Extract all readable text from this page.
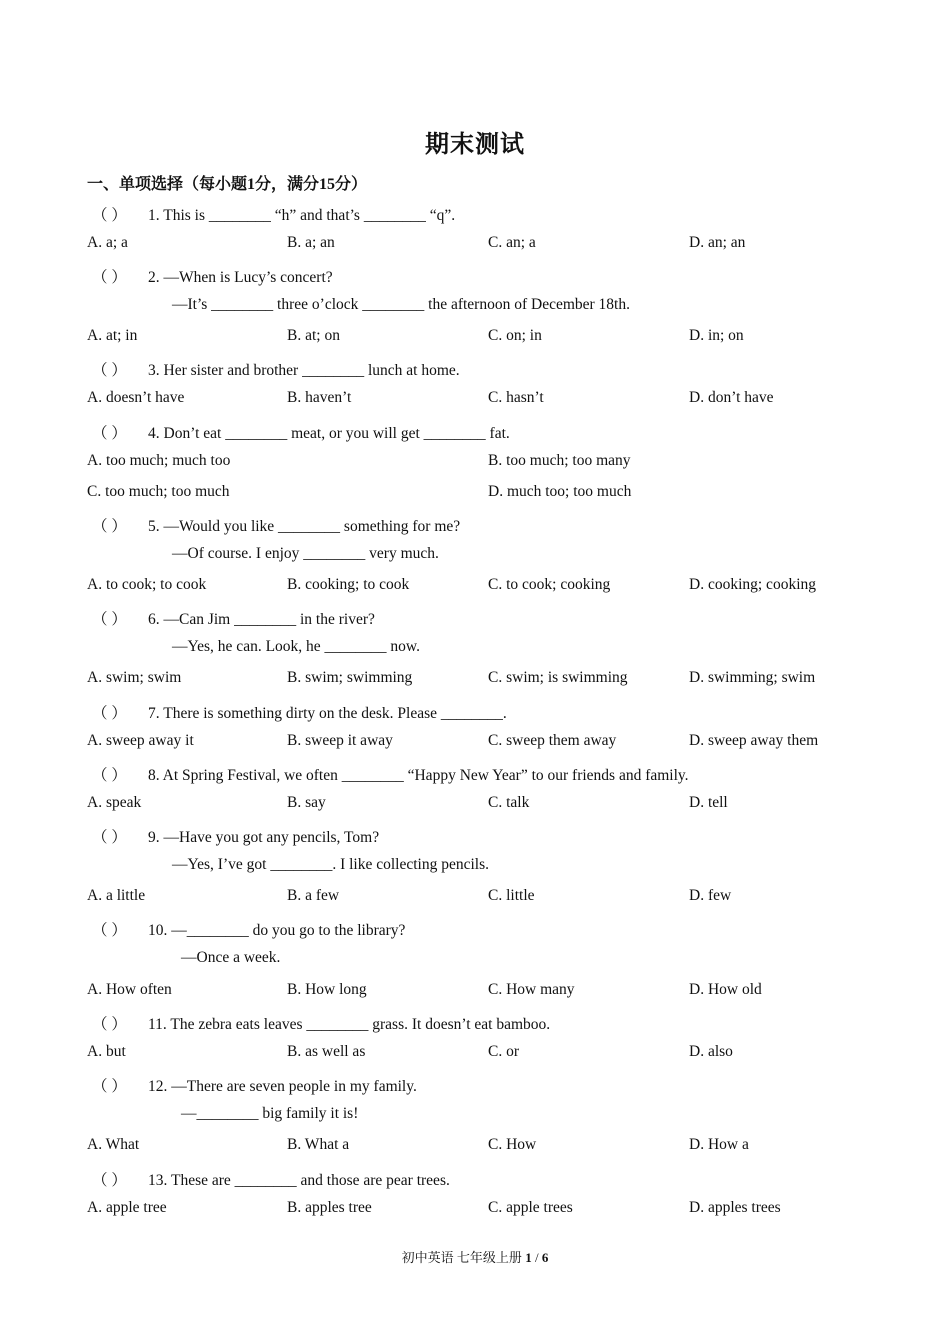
期末测试
一、单项选择（每小题1分，满分15分）
（ ） 1. This is ________ “h” and that’s ________ “q”.
A. a; a	B. a; an	C. an; a	D. an; an
（ ） 2. —When is Lucy’s concert?
—It’s ________ three o’clock ________ the afternoon of December 18th.
A. at; in	B. at; on	C. on; in	D. in; on
（ ） 3. Her sister and brother ________ lunch at home.
A. doesn’t have	B. haven’t	C. hasn’t	D. don’t have
（ ） 4. Don’t eat ________ meat, or you will get ________ fat.
A. too much; much too	B. too much; too many
C. too much; too much	D. much too; too much
（ ） 5. —Would you like ________ something for me?
—Of course. I enjoy ________ very much.
A. to cook; to cook	B. cooking; to cook	C. to cook; cooking	D. cooking; cooking
（ ） 6. —Can Jim ________ in the river?
—Yes, he can. Look, he ________ now.
A. swim; swim	B. swim; swimming	C. swim; is swimming	D. swimming; swim
（ ） 7. There is something dirty on the desk. Please ________.
A. sweep away it	B. sweep it away	C. sweep them away	D. sweep away them
（ ） 8. At Spring Festival, we often ________ “Happy New Year” to our friends and family.
A. speak	B. say	C. talk	D. tell
（ ） 9. —Have you got any pencils, Tom?
—Yes, I’ve got ________. I like collecting pencils.
A. a little	B. a few	C. little	D. few
（ ） 10. —________ do you go to the library?
—Once a week.
A. How often	B. How long	C. How many	D. How old
（ ） 11. The zebra eats leaves ________ grass. It doesn’t eat bamboo.
A. but	B. as well as	C. or	D. also
（ ） 12. —There are seven people in my family.
—________ big family it is!
A. What	B. What a	C. How	D. How a
（ ） 13. These are ________ and those are pear trees.
A. apple tree	B. apples tree	C. apple trees	D. apples trees
初中英语 七年级上册 1 / 6
